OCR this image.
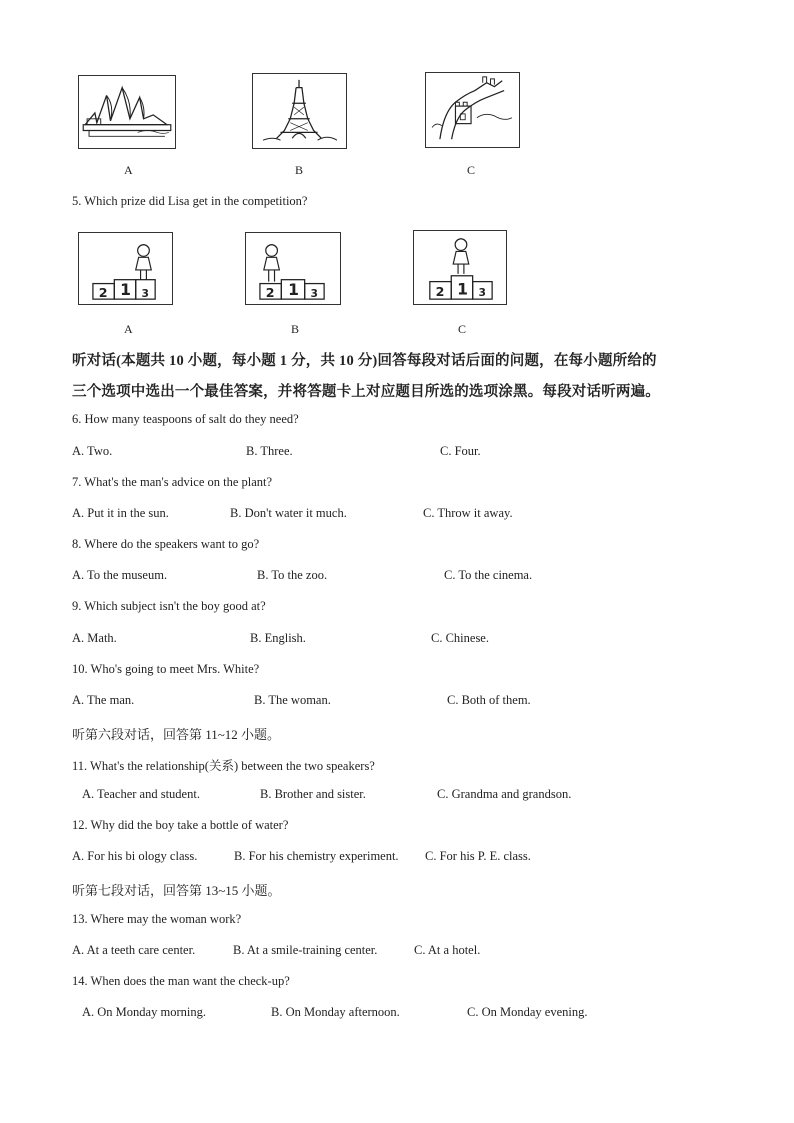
A	B	C
5. Which prize did Lisa get in the competition?
2 1 3
A
2 1 3
B
2 1 3
C
听对话(本题共 10 小题，每小题 1 分，共 10 分)回答每段对话后面的问题，在每小题所给的
三个选项中选出一个最佳答案，并将答题卡上对应题目所选的选项涂黑。每段对话听两遍。
6. How many teaspoons of salt do they need?
A. Two.	B. Three.	C. Four.
7. What's the man's advice on the plant?
A. Put it in the sun.	B. Don't water it much.	C. Throw it away.
8. Where do the speakers want to go?
A. To the museum.	B. To the zoo.	C. To the cinema.
9. Which subject isn't the boy good at?
A. Math.	B. English.	C. Chinese.
10. Who's going to meet Mrs. White?
A. The man.	B. The woman.	C. Both of them.
听第六段对话，回答第 11~12 小题。
11. What's the relationship(关系) between the two speakers?
A. Teacher and student.	B. Brother and sister.	C. Grandma and grandson.
12. Why did the boy take a bottle of water?
A. For his bi ology class.	B. For his chemistry experiment. C. For his P. E. class.
听第七段对话，回答第 13~15 小题。
13. Where may the woman work?
A. At a teeth care center.	B. At a smile-training center.	C. At a hotel.
14. When does the man want the check-up?
A. On Monday morning.	B. On Monday afternoon.	C. On Monday evening.
